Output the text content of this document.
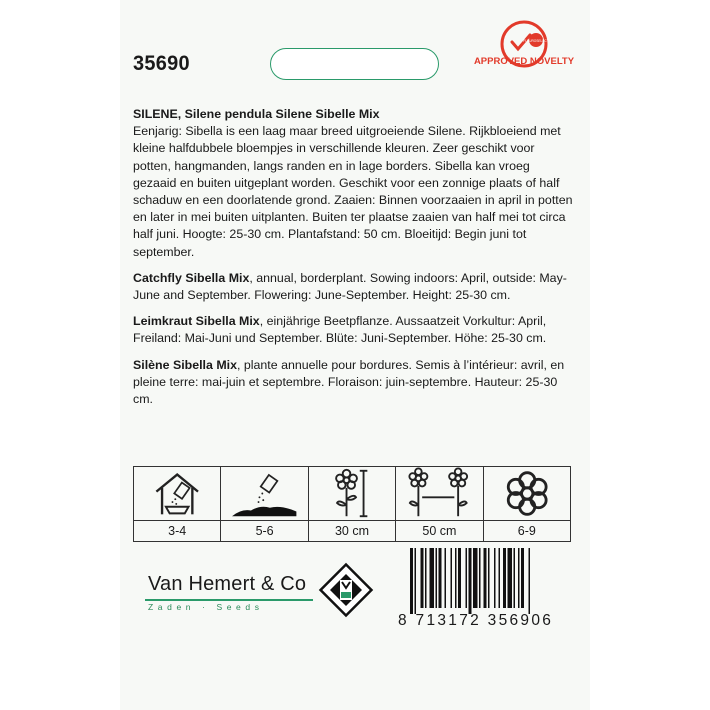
35690
FLEUROSELECT
APPROVED NOVELTY

SILENE, Silene pendula Silene Sibelle Mix
Eenjarig: Sibella is een laag maar breed uitgroeiende Silene. Rijkbloeiend met kleine halfdubbele bloempjes in verschillende kleuren. Zeer geschikt voor potten, hangmanden, langs randen en in lage borders. Sibella kan vroeg gezaaid en buiten uitgeplant worden. Geschikt voor een zonnige plaats of half schaduw en een doorlatende grond. Zaaien: Binnen voorzaaien in april in potten en later in mei buiten uitplanten. Buiten ter plaatse zaaien van half mei tot circa half juni. Hoogte: 25-30 cm. Plantafstand: 50 cm. Bloeitijd: Begin juni tot september.

Catchfly Sibella Mix, annual, borderplant. Sowing indoors: April, outside: May-June and September. Flowering: June-September. Height: 25-30 cm.

Leimkraut Sibella Mix, einjährige Beetpflanze. Aussaatzeit Vorkultur: April, Freiland: Mai-Juni und September. Blüte: Juni-September. Höhe: 25-30 cm.

Silène Sibella Mix, plante annuelle pour bordures. Semis à l’intérieur: avril, en pleine terre: mai-juin et septembre. Floraison: juin-septembre. Hauteur: 25-30 cm.

3-4	5-6	30 cm	50 cm	6-9
Van Hemert & Co
Zaden · Seeds
8 713172 356906
